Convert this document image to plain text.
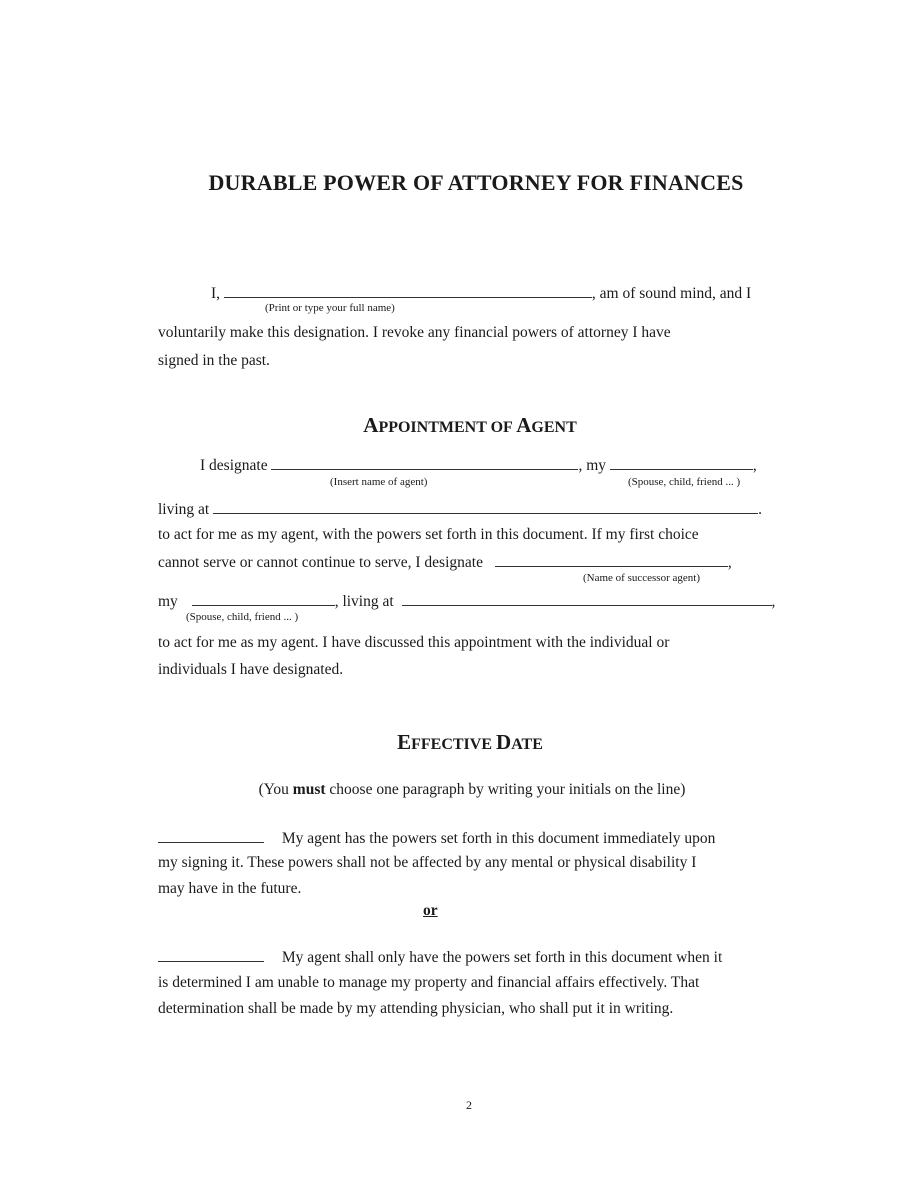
DURABLE POWER OF ATTORNEY FOR FINANCES
I,	, am of sound mind, and I
(Print or type your full name)
voluntarily make this designation. I revoke any financial powers of attorney I have
signed in the past.
APPOINTMENT OF AGENT
I designate	, my	,
(Insert name of agent)	(Spouse, child, friend ... )
living at	.
to act for me as my agent, with the powers set forth in this document. If my first choice
cannot serve or cannot continue to serve, I designate	,
(Name of successor agent)
my	, living at	,
(Spouse, child, friend ... )
to act for me as my agent. I have discussed this appointment with the individual or
individuals I have designated.
EFFECTIVE DATE
(You must choose one paragraph by writing your initials on the line)
My agent has the powers set forth in this document immediately upon
my signing it. These powers shall not be affected by any mental or physical disability I
may have in the future.
or
My agent shall only have the powers set forth in this document when it
is determined I am unable to manage my property and financial affairs effectively. That
determination shall be made by my attending physician, who shall put it in writing.
2
